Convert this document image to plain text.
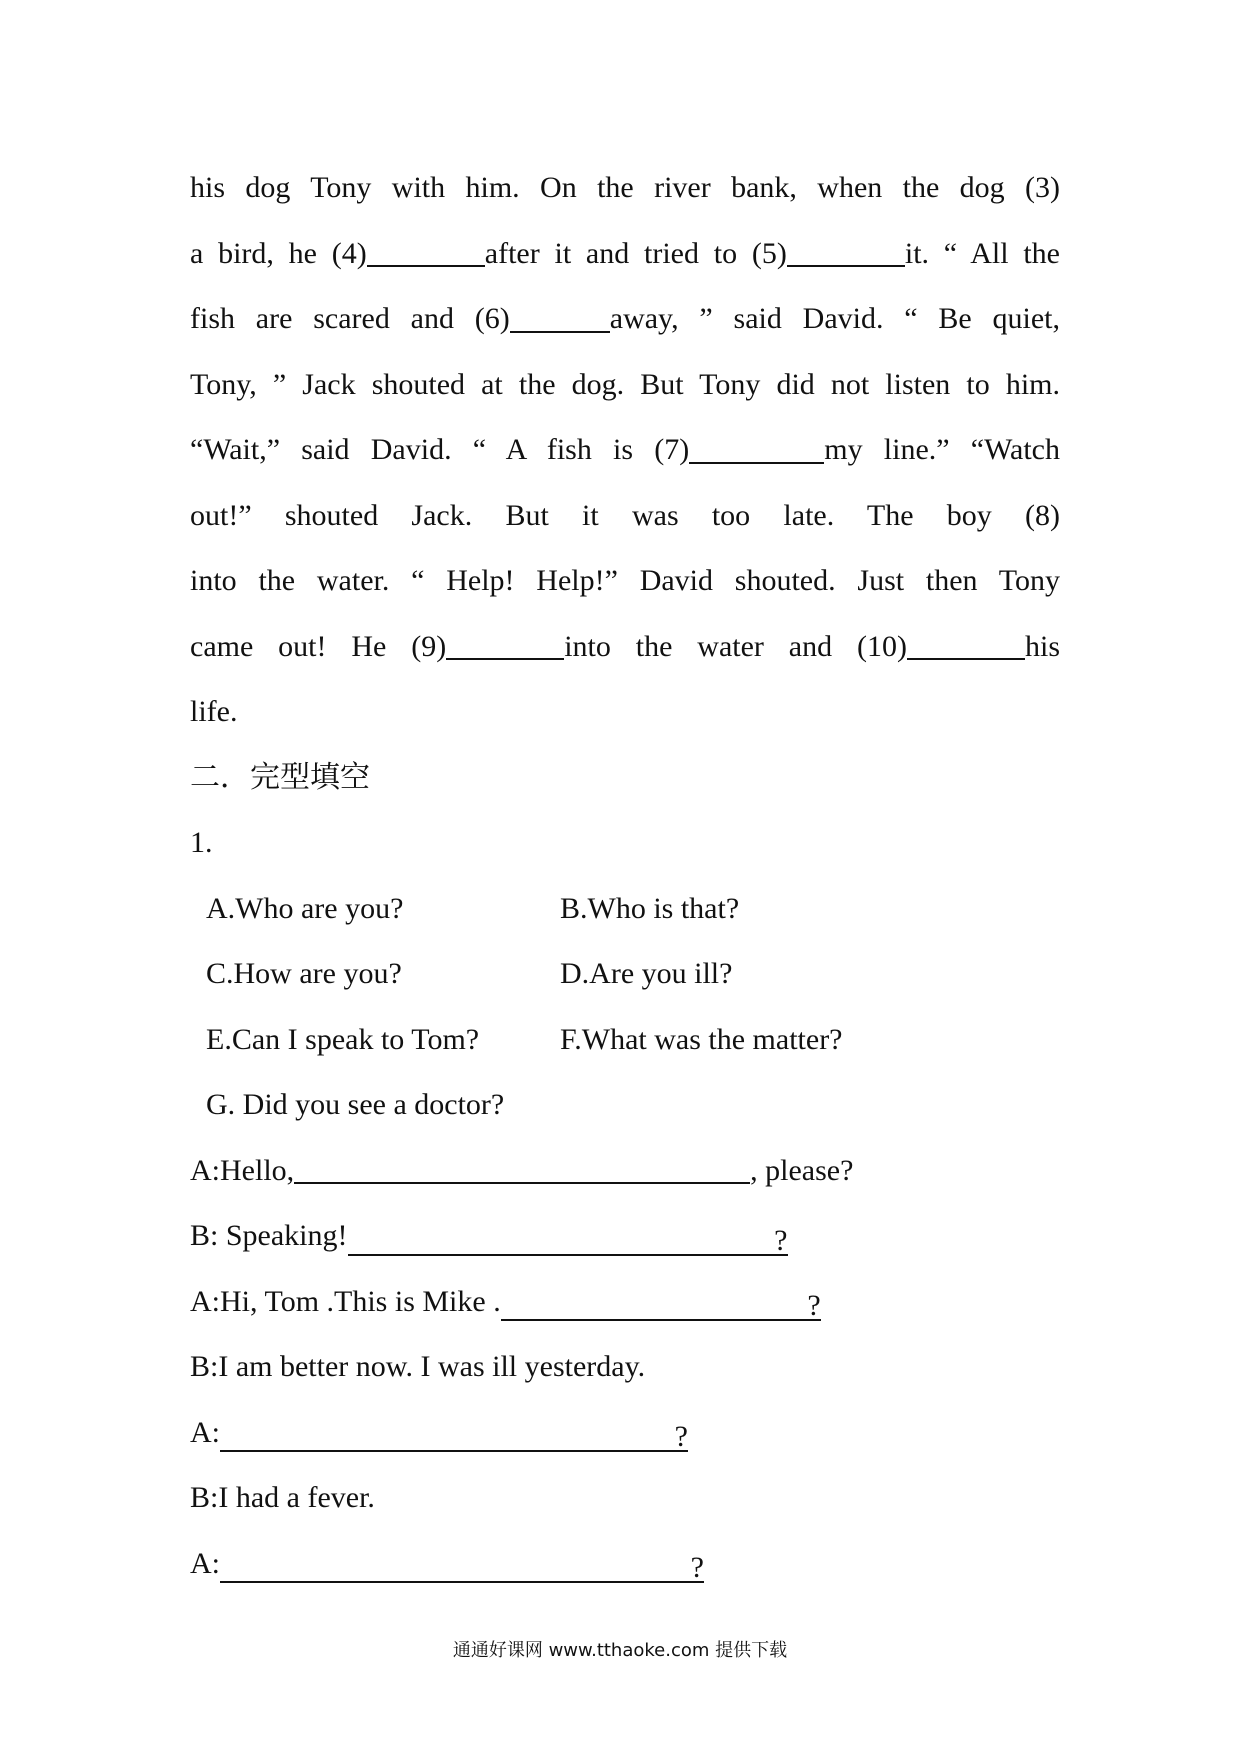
his dog Tony with him. On the river bank, when the dog (3)
a bird, he (4)	after it and tried to (5)	it. “ All the
fish are scared and (6)	away, ” said David. “ Be quiet,
Tony, ” Jack shouted at the dog. But Tony did not listen to him.
“Wait,” said David. “ A fish is (7)	my line.” “Watch
out!” shouted Jack. But it was too late. The boy (8)
into the water. “ Help! Help!” David shouted. Just then Tony
came out! He (9)	into the water and (10)	his
life.
二．完型填空
1.
A.Who are you?	B.Who is that?
C.How are you?	D.Are you ill?
E.Can I speak to Tom?	F.What was the matter?
G. Did you see a doctor?
A:Hello,	, please?
B: Speaking!	?
A:Hi, Tom .This is Mike .	?
B:I am better now. I was ill yesterday.
A:	?
B:I had a fever.
A:	?
通通好课网 www.tthaoke.com 提供下载
